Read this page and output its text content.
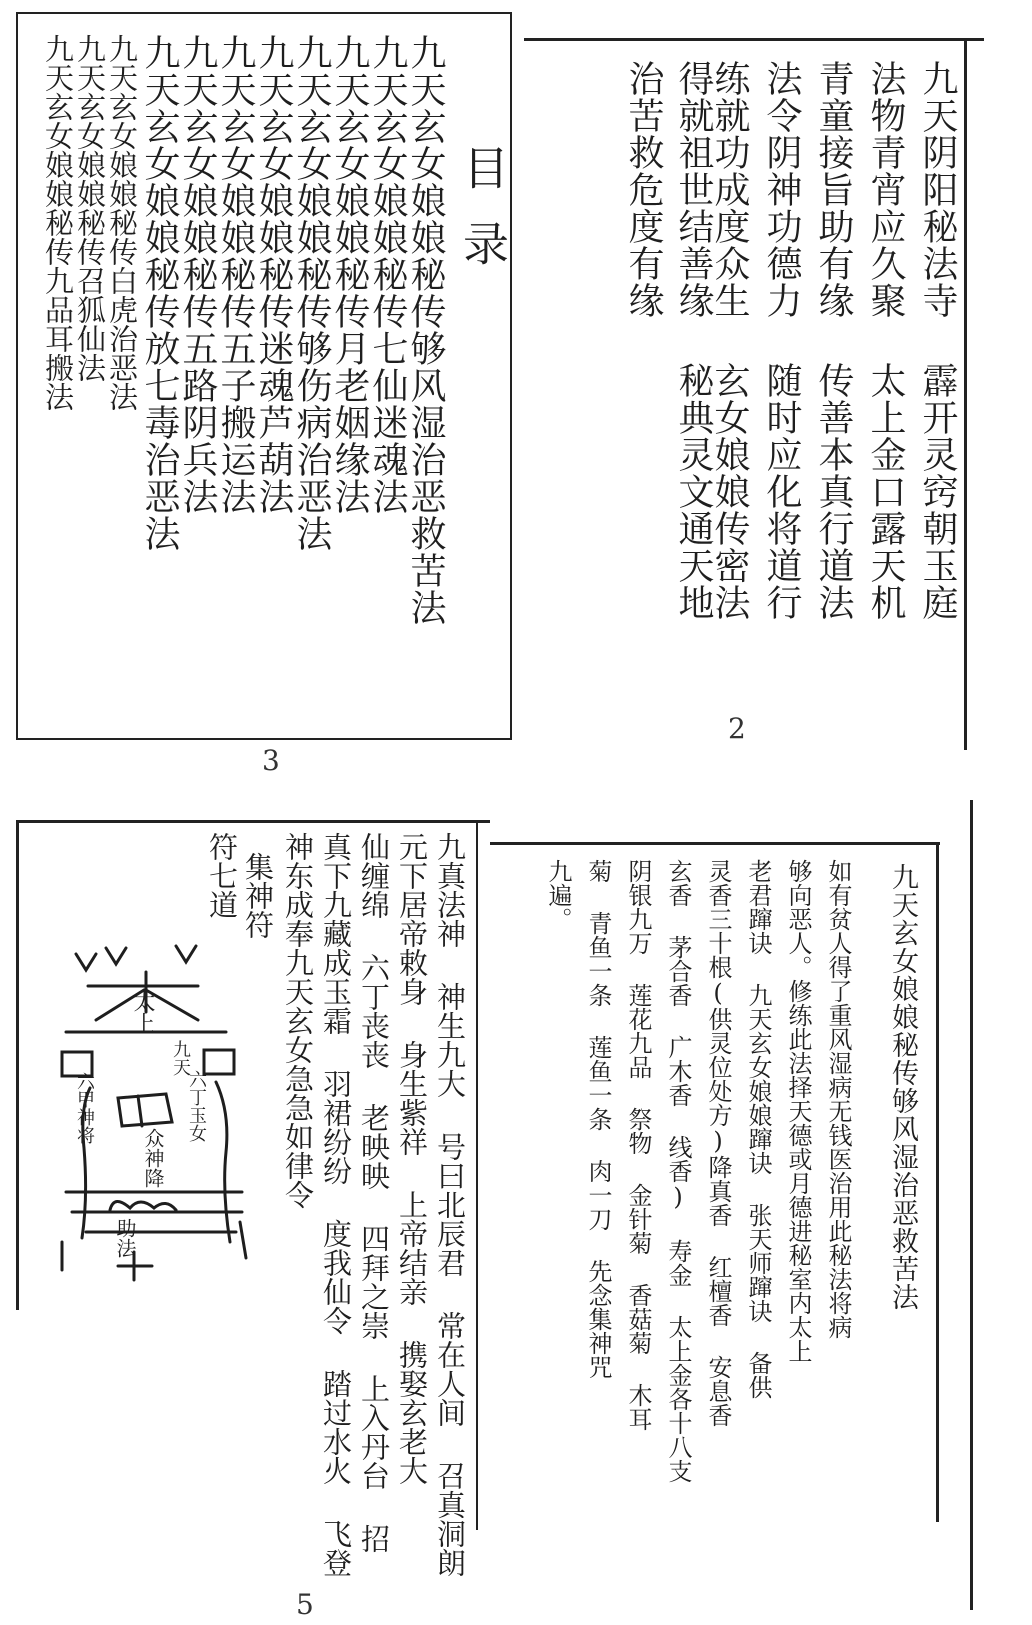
九天玄女娘娘秘传够风湿治恶救苦法
九天玄女娘娘秘传七仙迷魂法
九天玄女娘娘秘传月老姻缘法
九天玄女娘娘秘传够伤病治恶法
九天玄女娘娘秘传迷魂芦葫法
九天玄女娘娘秘传五子搬运法
九天玄女娘娘秘传五路阴兵法
九天玄女娘娘秘传放七毒治恶法
九天玄女娘娘秘传白虎治恶法
九天玄女娘娘秘传召狐仙法
九天玄女娘娘秘传九品耳搬法	目录
3
九天阴阳秘法寺
法物青宵应久聚
青童接旨助有缘
法令阴神功德力
练就功成度众生
得就祖世结善缘
治苦救危度有缘
霹开灵窍朝玉庭
太上金口露天机
传善本真行道法
随时应化将道行
玄女娘娘传密法
秘典灵文通天地
2
九真法神 神生九大 号曰北辰君 常在人间 召真洞朗
元下居帝敕身 身生紫祥 上帝结亲 携娶玄老大
仙缠绵 六丁丧丧 老映映 四拜之崇 上入丹台 招
真下九藏成玉霜 羽裙纷纷 度我仙令 踏过水火 飞登
神东成奉九天玄女急急如律令
集神符
符七道
太上
九天
六甲神将	六丁玉女
众神降
助法
5
九天玄女娘娘秘传够风湿治恶救苦法
如有贫人得了重风湿病无钱医治用此秘法将病
够向恶人。修练此法择天德或月德进秘室内太上
老君蹿诀 九天玄女娘娘蹿诀 张天师蹿诀 备供
灵香三十根(供灵位处方)降真香 红檀香 安息香
玄香 茅合香 广木香 线香) 寿金 太上金各十八支
阴银九万 莲花九品 祭物 金针菊 香菇菊 木耳
菊 青鱼一条 莲鱼一条 肉一刀 先念集神咒
九遍。
